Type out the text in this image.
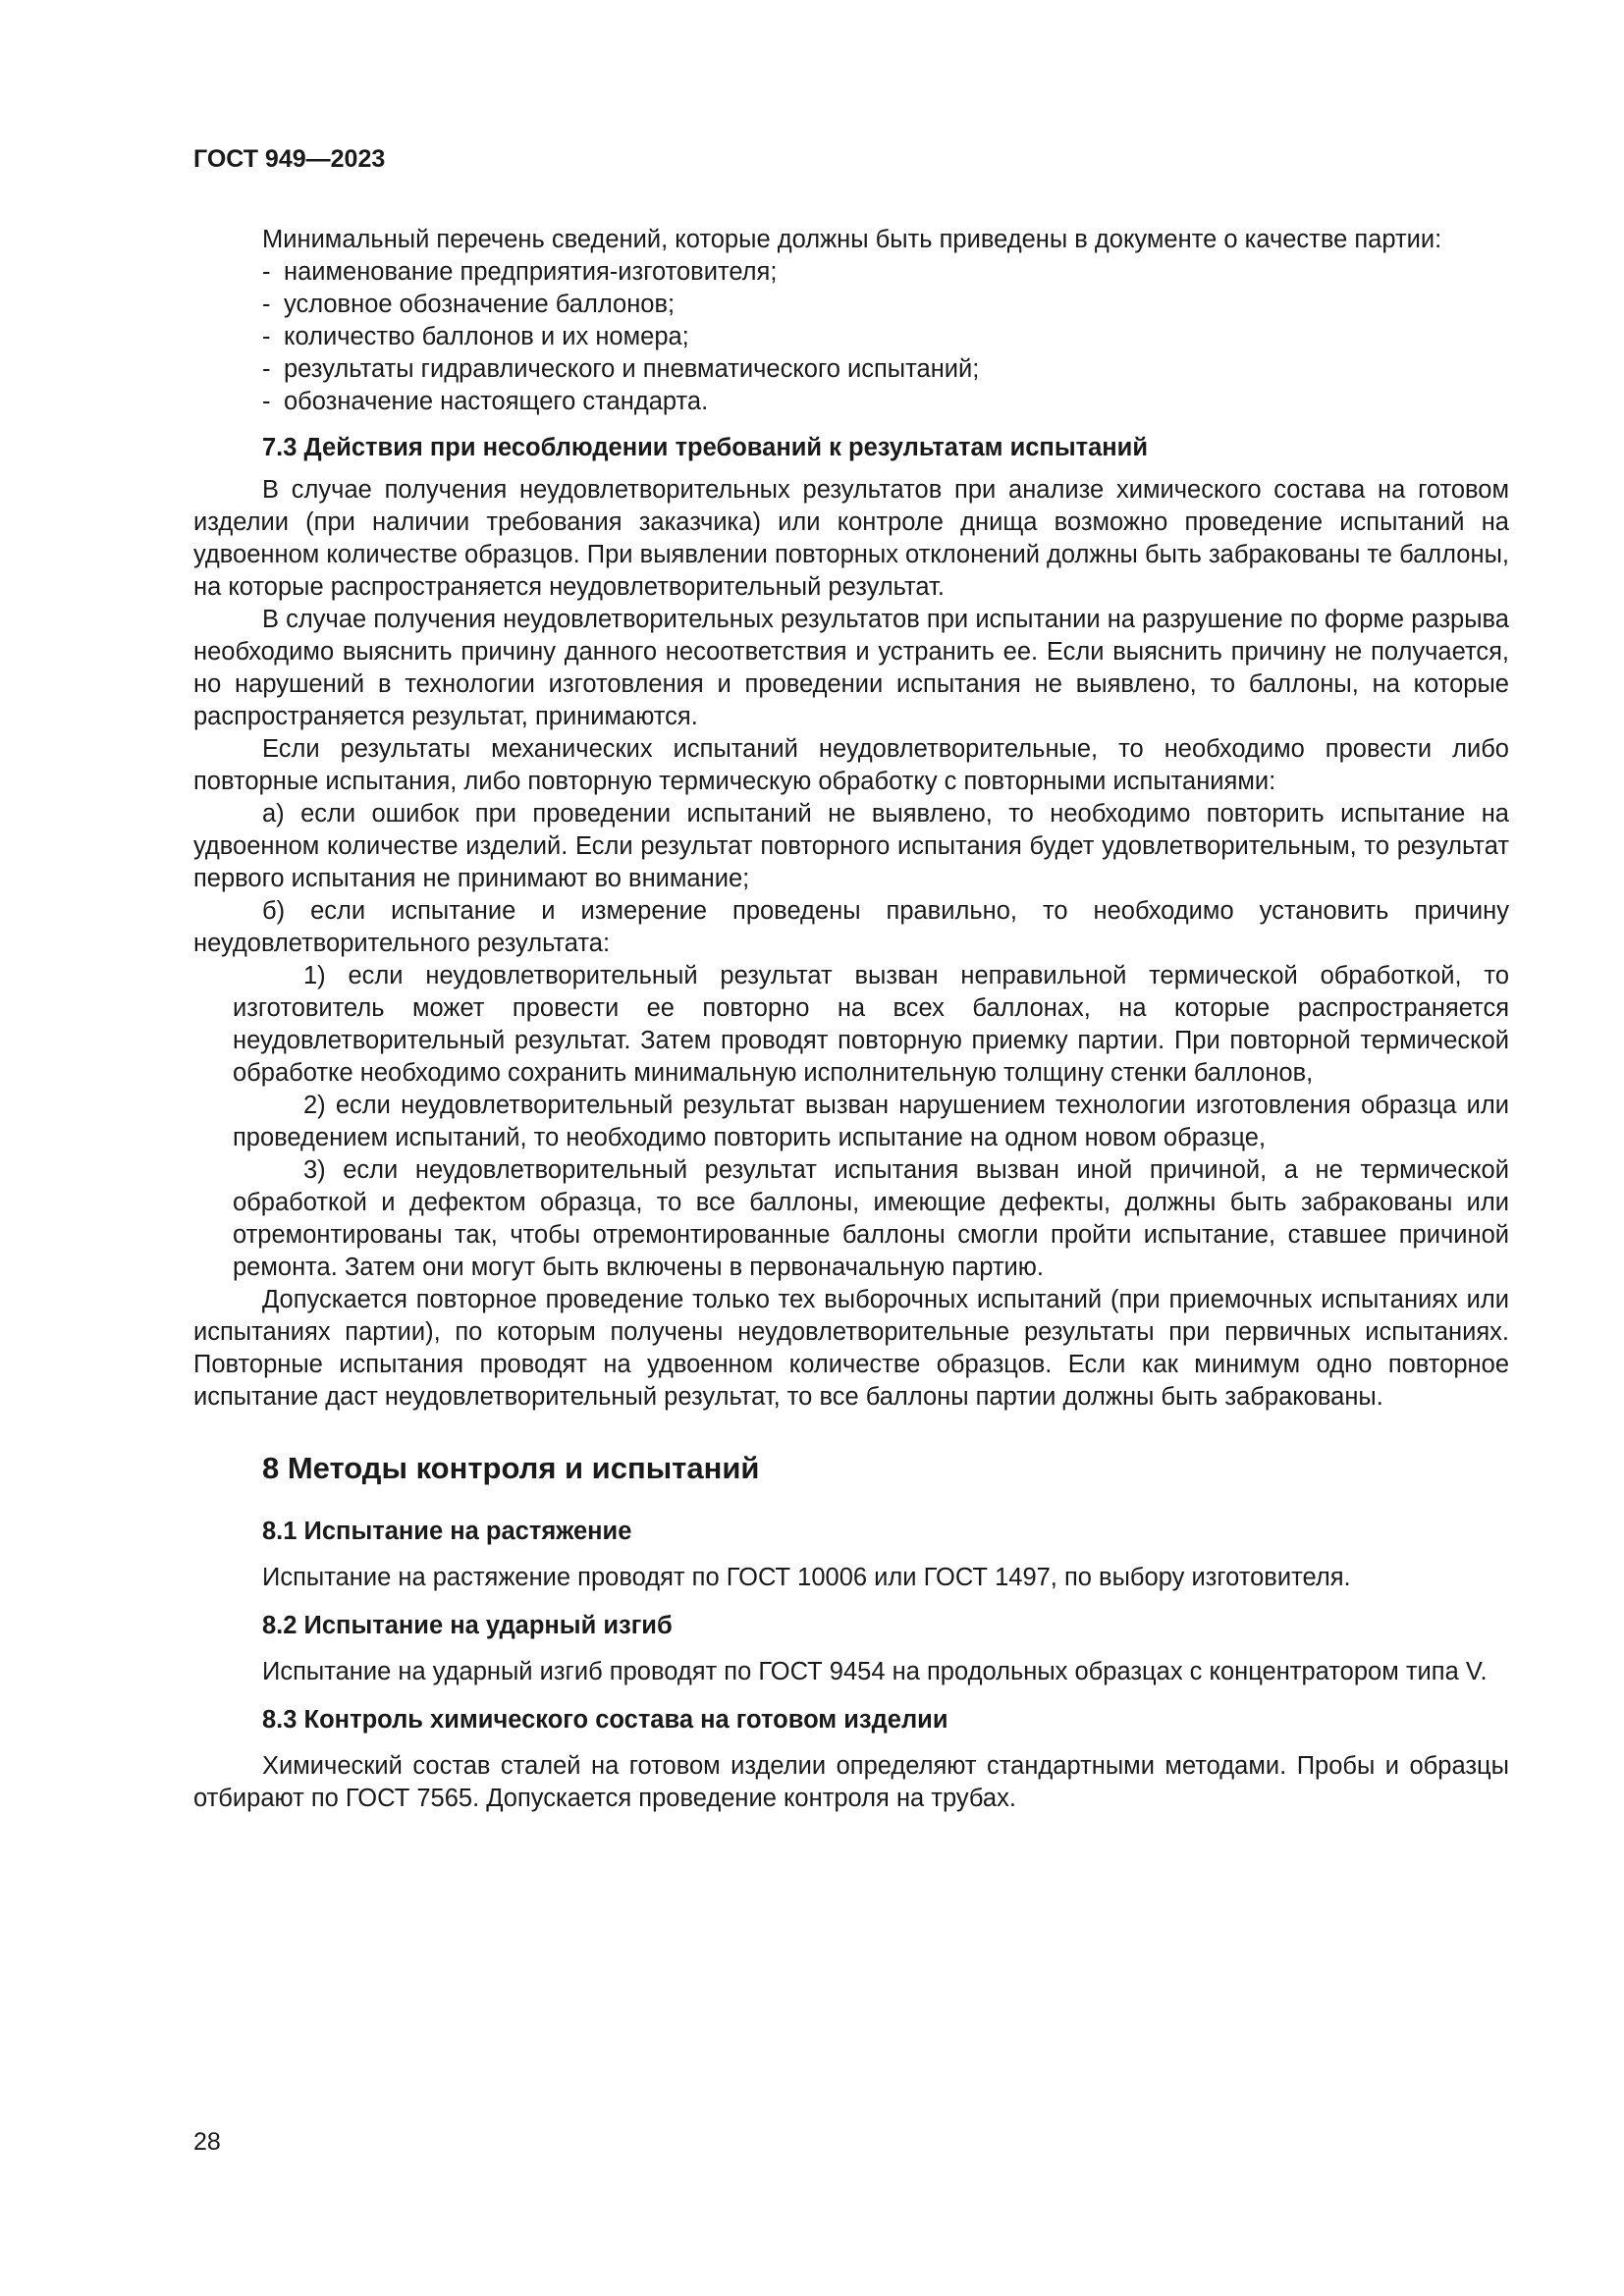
ГОСТ 949—2023

Минимальный перечень сведений, которые должны быть приведены в документе о качестве партии:

- наименование предприятия-изготовителя;
- условное обозначение баллонов;
- количество баллонов и их номера;
- результаты гидравлического и пневматического испытаний;
- обозначение настоящего стандарта.

7.3 Действия при несоблюдении требований к результатам испытаний

В случае получения неудовлетворительных результатов при анализе химического состава на готовом изделии (при наличии требования заказчика) или контроле днища возможно проведение испытаний на удвоенном количестве образцов. При выявлении повторных отклонений должны быть забракованы те баллоны, на которые распространяется неудовлетворительный результат.

В случае получения неудовлетворительных результатов при испытании на разрушение по форме разрыва необходимо выяснить причину данного несоответствия и устранить ее. Если выяснить причину не получается, но нарушений в технологии изготовления и проведении испытания не выявлено, то баллоны, на которые распространяется результат, принимаются.

Если результаты механических испытаний неудовлетворительные, то необходимо провести либо повторные испытания, либо повторную термическую обработку с повторными испытаниями:

а) если ошибок при проведении испытаний не выявлено, то необходимо повторить испытание на удвоенном количестве изделий. Если результат повторного испытания будет удовлетворительным, то результат первого испытания не принимают во внимание;

б) если испытание и измерение проведены правильно, то необходимо установить причину неудовлетворительного результата:

1) если неудовлетворительный результат вызван неправильной термической обработкой, то изготовитель может провести ее повторно на всех баллонах, на которые распространяется неудовлетворительный результат. Затем проводят повторную приемку партии. При повторной термической обработке необходимо сохранить минимальную исполнительную толщину стенки баллонов,

2) если неудовлетворительный результат вызван нарушением технологии изготовления образца или проведением испытаний, то необходимо повторить испытание на одном новом образце,

3) если неудовлетворительный результат испытания вызван иной причиной, а не термической обработкой и дефектом образца, то все баллоны, имеющие дефекты, должны быть забракованы или отремонтированы так, чтобы отремонтированные баллоны смогли пройти испытание, ставшее причиной ремонта. Затем они могут быть включены в первоначальную партию.

Допускается повторное проведение только тех выборочных испытаний (при приемочных испытаниях или испытаниях партии), по которым получены неудовлетворительные результаты при первичных испытаниях. Повторные испытания проводят на удвоенном количестве образцов. Если как минимум одно повторное испытание даст неудовлетворительный результат, то все баллоны партии должны быть забракованы.

8 Методы контроля и испытаний

8.1 Испытание на растяжение

Испытание на растяжение проводят по ГОСТ 10006 или ГОСТ 1497, по выбору изготовителя.

8.2 Испытание на ударный изгиб

Испытание на ударный изгиб проводят по ГОСТ 9454 на продольных образцах с концентратором типа V.

8.3 Контроль химического состава на готовом изделии

Химический состав сталей на готовом изделии определяют стандартными методами. Пробы и образцы отбирают по ГОСТ 7565. Допускается проведение контроля на трубах.

28
